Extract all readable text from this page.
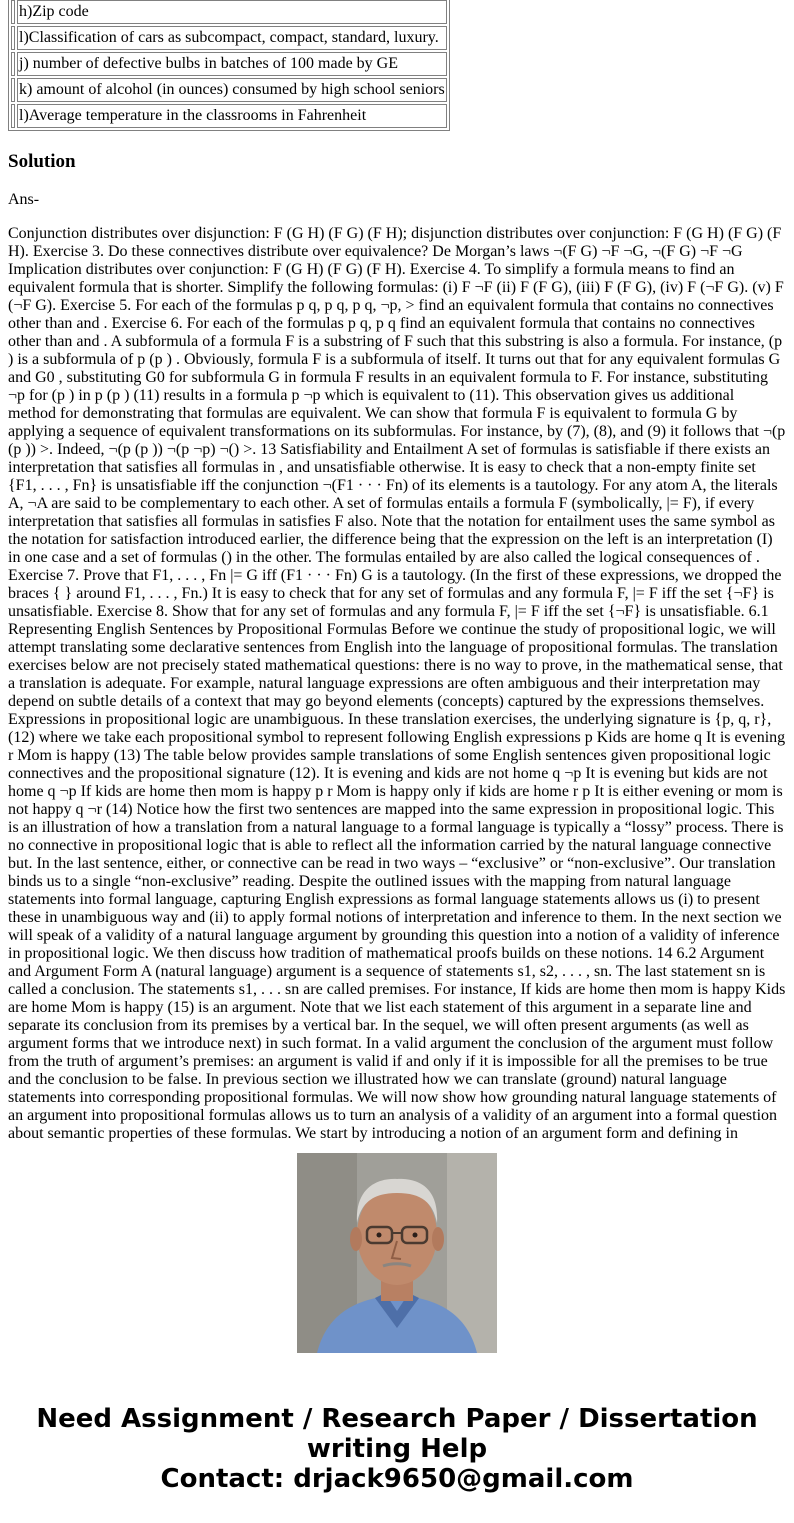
	h)Zip code
	l)Classification of cars as subcompact, compact, standard, luxury.
	j) number of defective bulbs in batches of 100 made by GE
	k) amount of alcohol (in ounces) consumed by high school seniors
	l)Average temperature in the classrooms in Fahrenheit
Solution

Ans-

Conjunction distributes over disjunction: F (G H) (F G) (F H); disjunction distributes over conjunction: F (G H) (F G) (F H). Exercise 3. Do these connectives distribute over equivalence? De Morgan’s laws ¬(F G) ¬F ¬G, ¬(F G) ¬F ¬G Implication distributes over conjunction: F (G H) (F G) (F H). Exercise 4. To simplify a formula means to find an equivalent formula that is shorter. Simplify the following formulas: (i) F ¬F (ii) F (F G), (iii) F (F G), (iv) F (¬F G). (v) F (¬F G). Exercise 5. For each of the formulas p q, p q, p q, ¬p, > find an equivalent formula that contains no connectives other than and . Exercise 6. For each of the formulas p q, p q find an equivalent formula that contains no connectives other than and . A subformula of a formula F is a substring of F such that this substring is also a formula. For instance, (p ) is a subformula of p (p ) . Obviously, formula F is a subformula of itself. It turns out that for any equivalent formulas G and G0 , substituting G0 for subformula G in formula F results in an equivalent formula to F. For instance, substituting ¬p for (p ) in p (p ) (11) results in a formula p ¬p which is equivalent to (11). This observation gives us additional method for demonstrating that formulas are equivalent. We can show that formula F is equivalent to formula G by applying a sequence of equivalent transformations on its subformulas. For instance, by (7), (8), and (9) it follows that ¬(p (p )) >. Indeed, ¬(p (p )) ¬(p ¬p) ¬() >. 13 Satisfiability and Entailment A set of formulas is satisfiable if there exists an interpretation that satisfies all formulas in , and unsatisfiable otherwise. It is easy to check that a non-empty finite set {F1, . . . , Fn} is unsatisfiable iff the conjunction ¬(F1 · · · Fn) of its elements is a tautology. For any atom A, the literals A, ¬A are said to be complementary to each other. A set of formulas entails a formula F (symbolically, |= F), if every interpretation that satisfies all formulas in satisfies F also. Note that the notation for entailment uses the same symbol as the notation for satisfaction introduced earlier, the difference being that the expression on the left is an interpretation (I) in one case and a set of formulas () in the other. The formulas entailed by are also called the logical consequences of . Exercise 7. Prove that F1, . . . , Fn |= G iff (F1 · · · Fn) G is a tautology. (In the first of these expressions, we dropped the braces { } around F1, . . . , Fn.) It is easy to check that for any set of formulas and any formula F, |= F iff the set {¬F} is unsatisfiable. Exercise 8. Show that for any set of formulas and any formula F, |= F iff the set {¬F} is unsatisfiable. 6.1 Representing English Sentences by Propositional Formulas Before we continue the study of propositional logic, we will attempt translating some declarative sentences from English into the language of propositional formulas. The translation exercises below are not precisely stated mathematical questions: there is no way to prove, in the mathematical sense, that a translation is adequate. For example, natural language expressions are often ambiguous and their interpretation may depend on subtle details of a context that may go beyond elements (concepts) captured by the expressions themselves. Expressions in propositional logic are unambiguous. In these translation exercises, the underlying signature is {p, q, r}, (12) where we take each propositional symbol to represent following English expressions p Kids are home q It is evening r Mom is happy (13) The table below provides sample translations of some English sentences given propositional logic connectives and the propositional signature (12). It is evening and kids are not home q ¬p It is evening but kids are not home q ¬p If kids are home then mom is happy p r Mom is happy only if kids are home r p It is either evening or mom is not happy q ¬r (14) Notice how the first two sentences are mapped into the same expression in propositional logic. This is an illustration of how a translation from a natural language to a formal language is typically a “lossy” process. There is no connective in propositional logic that is able to reflect all the information carried by the natural language connective but. In the last sentence, either, or connective can be read in two ways – “exclusive” or “non-exclusive”. Our translation binds us to a single “non-exclusive” reading. Despite the outlined issues with the mapping from natural language statements into formal language, capturing English expressions as formal language statements allows us (i) to present these in unambiguous way and (ii) to apply formal notions of interpretation and inference to them. In the next section we will speak of a validity of a natural language argument by grounding this question into a notion of a validity of inference in propositional logic. We then discuss how tradition of mathematical proofs builds on these notions. 14 6.2 Argument and Argument Form A (natural language) argument is a sequence of statements s1, s2, . . . , sn. The last statement sn is called a conclusion. The statements s1, . . . sn are called premises. For instance, If kids are home then mom is happy Kids are home Mom is happy (15) is an argument. Note that we list each statement of this argument in a separate line and separate its conclusion from its premises by a vertical bar. In the sequel, we will often present arguments (as well as argument forms that we introduce next) in such format. In a valid argument the conclusion of the argument must follow from the truth of argument’s premises: an argument is valid if and only if it is impossible for all the premises to be true and the conclusion to be false. In previous section we illustrated how we can translate (ground) natural language statements into corresponding propositional formulas. We will now show how grounding natural language statements of an argument into propositional formulas allows us to turn an analysis of a validity of an argument into a formal question about semantic properties of these formulas. We start by introducing a notion of an argument form and defining in

Need Assignment / Research Paper / Dissertation
writing Help
Contact: drjack9650@gmail.com
